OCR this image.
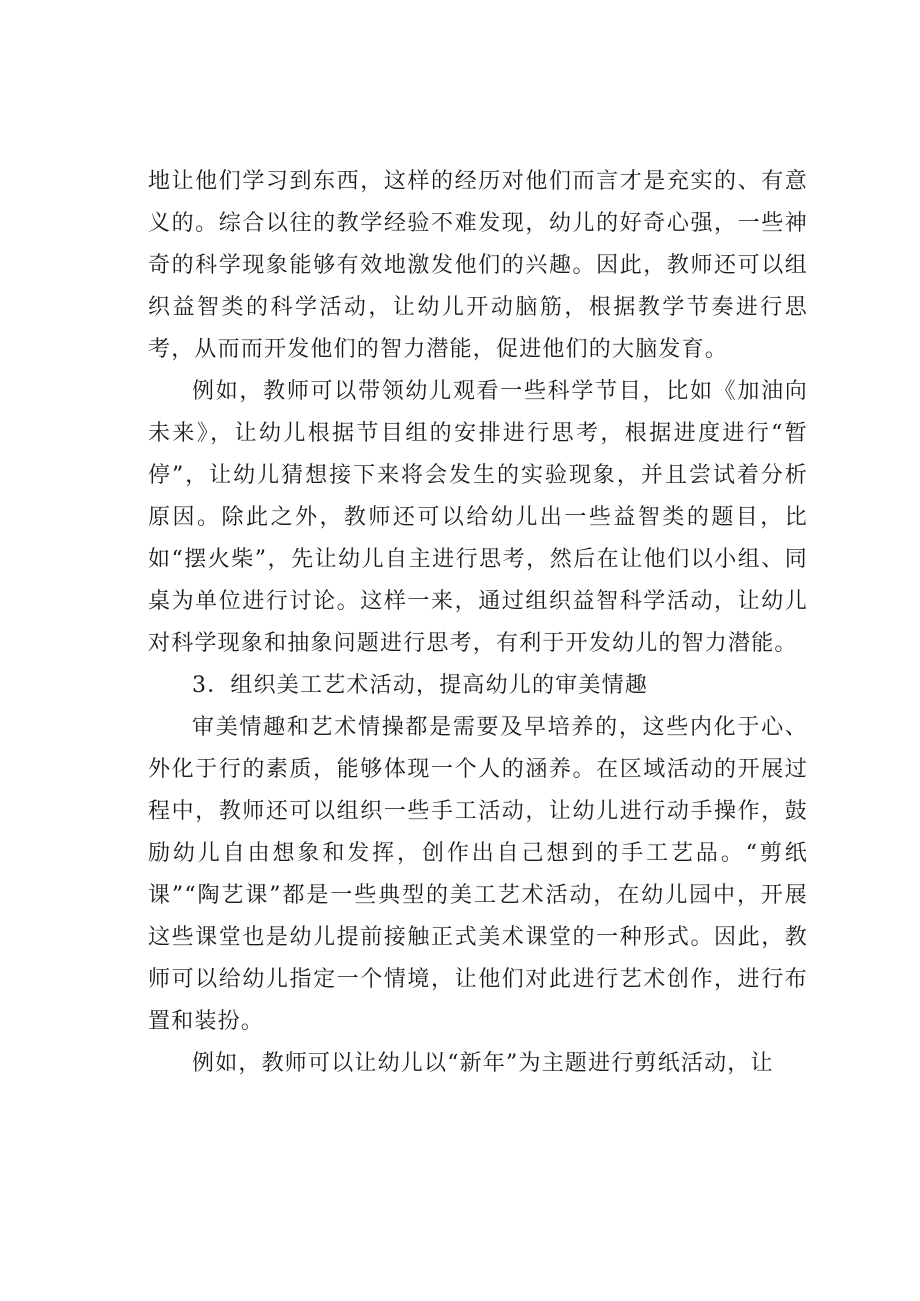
地让他们学习到东西，这样的经历对他们而言才是充实的、有意义的。综合以往的教学经验不难发现，幼儿的好奇心强，一些神奇的科学现象能够有效地激发他们的兴趣。因此，教师还可以组织益智类的科学活动，让幼儿开动脑筋，根据教学节奏进行思考，从而而开发他们的智力潜能，促进他们的大脑发育。

例如，教师可以带领幼儿观看一些科学节目，比如《加油向未来》，让幼儿根据节目组的安排进行思考，根据进度进行“暂停”，让幼儿猜想接下来将会发生的实验现象，并且尝试着分析原因。除此之外，教师还可以给幼儿出一些益智类的题目，比如“摆火柴”，先让幼儿自主进行思考，然后在让他们以小组、同桌为单位进行讨论。这样一来，通过组织益智科学活动，让幼儿对科学现象和抽象问题进行思考，有利于开发幼儿的智力潜能。

3．组织美工艺术活动，提高幼儿的审美情趣

审美情趣和艺术情操都是需要及早培养的，这些内化于心、外化于行的素质，能够体现一个人的涵养。在区域活动的开展过程中，教师还可以组织一些手工活动，让幼儿进行动手操作，鼓励幼儿自由想象和发挥，创作出自己想到的手工艺品。“剪纸课”“陶艺课”都是一些典型的美工艺术活动，在幼儿园中，开展这些课堂也是幼儿提前接触正式美术课堂的一种形式。因此，教师可以给幼儿指定一个情境，让他们对此进行艺术创作，进行布置和装扮。

例如，教师可以让幼儿以“新年”为主题进行剪纸活动，让
